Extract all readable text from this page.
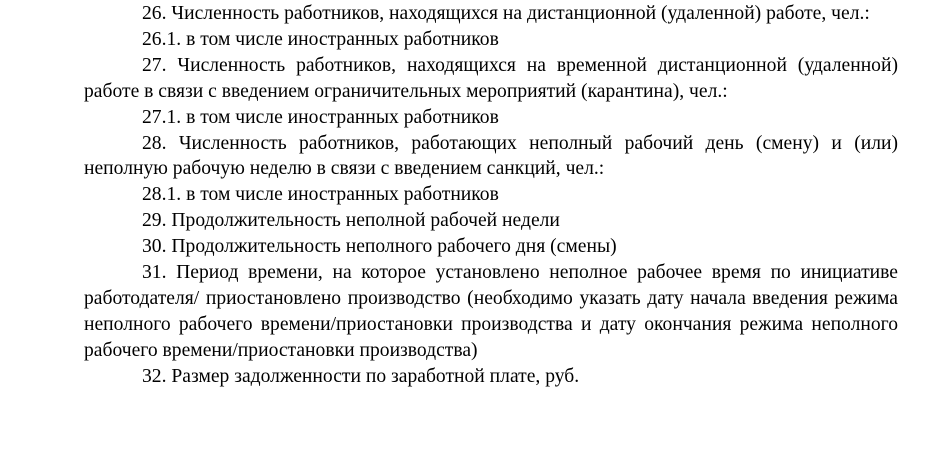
26. Численность работников, находящихся на дистанционной (удаленной) работе, чел.:

26.1. в том числе иностранных работников

27. Численность работников, находящихся на временной дистанционной (удаленной) работе в связи с введением ограничительных мероприятий (карантина), чел.:

27.1. в том числе иностранных работников

28. Численность работников, работающих неполный рабочий день (смену) и (или) неполную рабочую неделю в связи с введением санкций, чел.:

28.1. в том числе иностранных работников

29. Продолжительность неполной рабочей недели

30. Продолжительность неполного рабочего дня (смены)

31. Период времени, на которое установлено неполное рабочее время по инициативе работодателя/ приостановлено производство (необходимо указать дату начала введения режима неполного рабочего времени/приостановки производства и дату окончания режима неполного рабочего времени/приостановки производства)

32. Размер задолженности по заработной плате, руб.
